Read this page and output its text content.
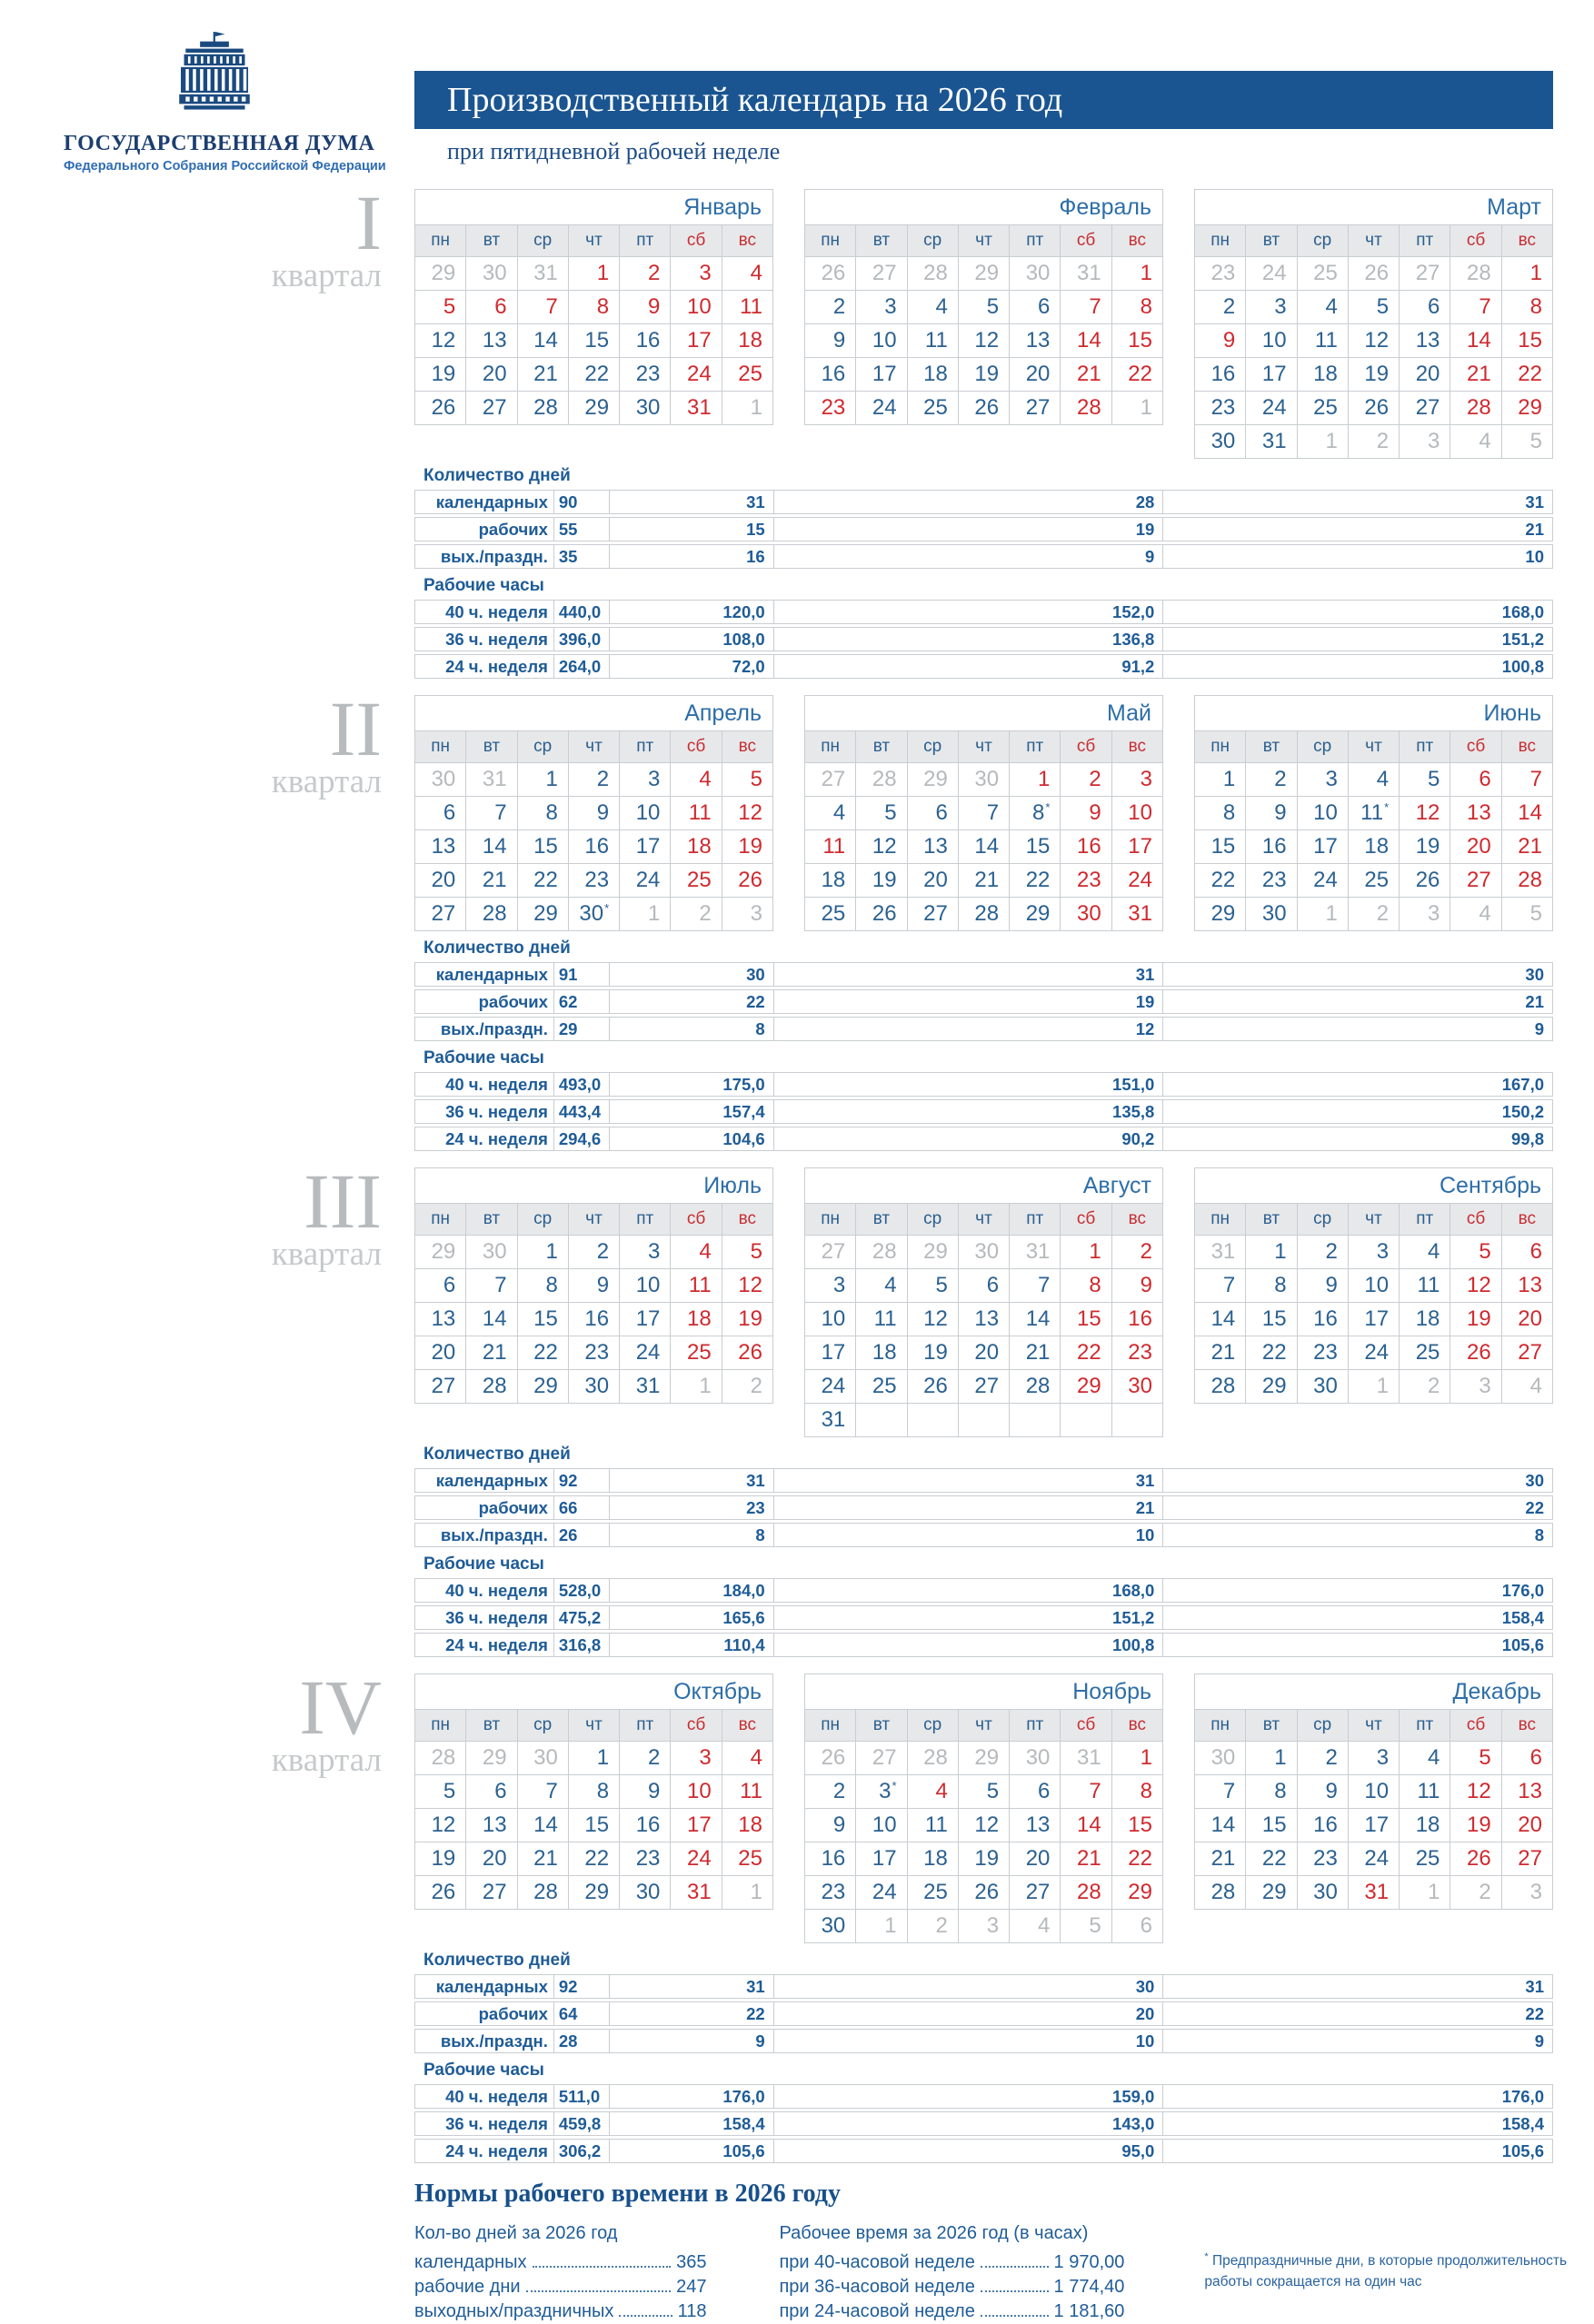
ГОСУДАРСТВЕННАЯ ДУМА
Федерального Собрания Российской Федерации
Производственный календарь на 2026 год
при пятидневной рабочей неделе
I
квартал
Январь						
пн	вт	ср	чт	пт	сб	вс
29	30	31	1	2	3	4
5	6	7	8	9	10	11
12	13	14	15	16	17	18
19	20	21	22	23	24	25
26	27	28	29	30	31	1
Февраль						
пн	вт	ср	чт	пт	сб	вс
26	27	28	29	30	31	1
2	3	4	5	6	7	8
9	10	11	12	13	14	15
16	17	18	19	20	21	22
23	24	25	26	27	28	1
Март						
пн	вт	ср	чт	пт	сб	вс
23	24	25	26	27	28	1
2	3	4	5	6	7	8
9	10	11	12	13	14	15
16	17	18	19	20	21	22
23	24	25	26	27	28	29
30	31	1	2	3	4	5
Количество дней
календарных 90	31	28	31
рабочих 55	15	19	21
вых./праздн. 35	16	9	10
Рабочие часы
40 ч. неделя 440,0	120,0	152,0	168,0
36 ч. неделя 396,0	108,0	136,8	151,2
24 ч. неделя 264,0	72,0	91,2	100,8
II
квартал
Апрель						
пн	вт	ср	чт	пт	сб	вс
30	31	1	2	3	4	5
6	7	8	9	10	11	12
13	14	15	16	17	18	19
20	21	22	23	24	25	26
27	28	29	30*	1	2	3
Май						
пн	вт	ср	чт	пт	сб	вс
27	28	29	30	1	2	3
4	5	6	7	8*	9	10
11	12	13	14	15	16	17
18	19	20	21	22	23	24
25	26	27	28	29	30	31
Июнь						
пн	вт	ср	чт	пт	сб	вс
1	2	3	4	5	6	7
8	9	10	11*	12	13	14
15	16	17	18	19	20	21
22	23	24	25	26	27	28
29	30	1	2	3	4	5
Количество дней
календарных 91	30	31	30
рабочих 62	22	19	21
вых./праздн. 29	8	12	9
Рабочие часы
40 ч. неделя 493,0	175,0	151,0	167,0
36 ч. неделя 443,4	157,4	135,8	150,2
24 ч. неделя 294,6	104,6	90,2	99,8
III
квартал
Июль						
пн	вт	ср	чт	пт	сб	вс
29	30	1	2	3	4	5
6	7	8	9	10	11	12
13	14	15	16	17	18	19
20	21	22	23	24	25	26
27	28	29	30	31	1	2
Август						
пн	вт	ср	чт	пт	сб	вс
27	28	29	30	31	1	2
3	4	5	6	7	8	9
10	11	12	13	14	15	16
17	18	19	20	21	22	23
24	25	26	27	28	29	30
31						
Сентябрь						
пн	вт	ср	чт	пт	сб	вс
31	1	2	3	4	5	6
7	8	9	10	11	12	13
14	15	16	17	18	19	20
21	22	23	24	25	26	27
28	29	30	1	2	3	4
Количество дней
календарных 92	31	31	30
рабочих 66	23	21	22
вых./праздн. 26	8	10	8
Рабочие часы
40 ч. неделя 528,0	184,0	168,0	176,0
36 ч. неделя 475,2	165,6	151,2	158,4
24 ч. неделя 316,8	110,4	100,8	105,6
IV
квартал
Октябрь						
пн	вт	ср	чт	пт	сб	вс
28	29	30	1	2	3	4
5	6	7	8	9	10	11
12	13	14	15	16	17	18
19	20	21	22	23	24	25
26	27	28	29	30	31	1
Ноябрь						
пн	вт	ср	чт	пт	сб	вс
26	27	28	29	30	31	1
2	3*	4	5	6	7	8
9	10	11	12	13	14	15
16	17	18	19	20	21	22
23	24	25	26	27	28	29
30	1	2	3	4	5	6
Декабрь						
пн	вт	ср	чт	пт	сб	вс
30	1	2	3	4	5	6
7	8	9	10	11	12	13
14	15	16	17	18	19	20
21	22	23	24	25	26	27
28	29	30	31	1	2	3
Количество дней
календарных 92	31	30	31
рабочих 64	22	20	22
вых./праздн. 28	9	10	9
Рабочие часы
40 ч. неделя 511,0	176,0	159,0	176,0
36 ч. неделя 459,8	158,4	143,0	158,4
24 ч. неделя 306,2	105,6	95,0	105,6
Нормы рабочего времени в 2026 году
Кол-во дней за 2026 год
календарных	365
рабочие дни	247
выходных/праздничных	118
Рабочее время за 2026 год (в часах)
при 40-часовой неделе	1 970,00
при 36-часовой неделе	1 774,40
при 24-часовой неделе	1 181,60
* Предпраздничные дни, в которые продолжительность работы сокращается на один час
